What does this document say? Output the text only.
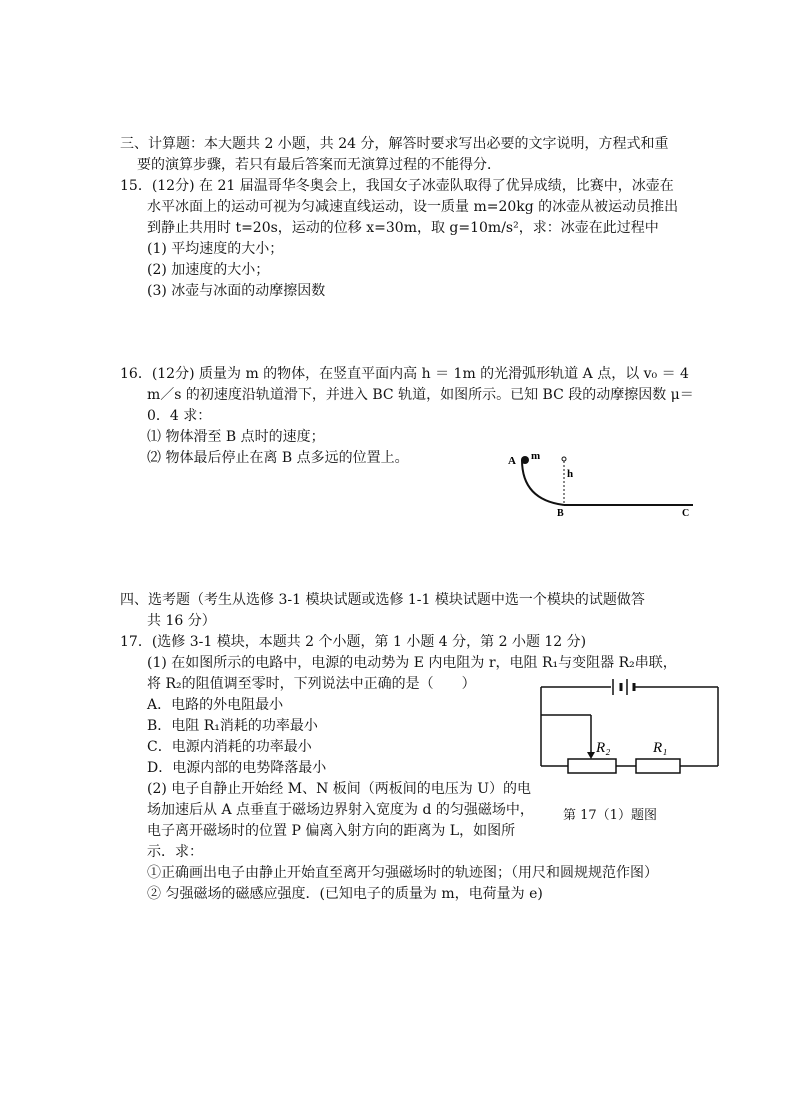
三、计算题：本大题共 2 小题，共 24 分，解答时要求写出必要的文字说明，方程式和重
要的演算步骤，若只有最后答案而无演算过程的不能得分．
15．(12分) 在 21 届温哥华冬奥会上，我国女子冰壶队取得了优异成绩，比赛中，冰壶在
水平冰面上的运动可视为匀减速直线运动，设一质量 m=20kg 的冰壶从被运动员推出
到静止共用时 t=20s，运动的位移 x=30m，取 g=10m/s²，求：冰壶在此过程中
(1) 平均速度的大小；
(2) 加速度的大小；
(3) 冰壶与冰面的动摩擦因数
16．(12分) 质量为 m 的物体，在竖直平面内高 h ＝ 1m 的光滑弧形轨道 A 点，以 v₀ ＝ 4
m／s 的初速度沿轨道滑下，并进入 BC 轨道，如图所示。已知 BC 段的动摩擦因数 μ＝
0．4 求：
⑴ 物体滑至 B 点时的速度；
⑵ 物体最后停止在离 B 点多远的位置上。	A m
h
B	C
四、选考题（考生从选修 3-1 模块试题或选修 1-1 模块试题中选一个模块的试题做答
共 16 分）
17．(选修 3-1 模块，本题共 2 个小题，第 1 小题 4 分，第 2 小题 12 分)
(1) 在如图所示的电路中，电源的电动势为 E 内电阻为 r，电阻 R₁与变阻器 R₂串联，
将 R₂的阻值调至零时，下列说法中正确的是（　　）
A．电路的外电阻最小
B．电阻 R₁消耗的功率最小
C．电源内消耗的功率最小
D．电源内部的电势降落最小
(2) 电子自静止开始经 M、N 板间（两板间的电压为 U）的电
场加速后从 A 点垂直于磁场边界射入宽度为 d 的匀强磁场中，
电子离开磁场时的位置 P 偏离入射方向的距离为 L，如图所
示．求：
①正确画出电子由静止开始直至离开匀强磁场时的轨迹图；（用尺和圆规规范作图）
② 匀强磁场的磁感应强度．(已知电子的质量为 m，电荷量为 e)
R₂	R₁
第 17（1）题图
